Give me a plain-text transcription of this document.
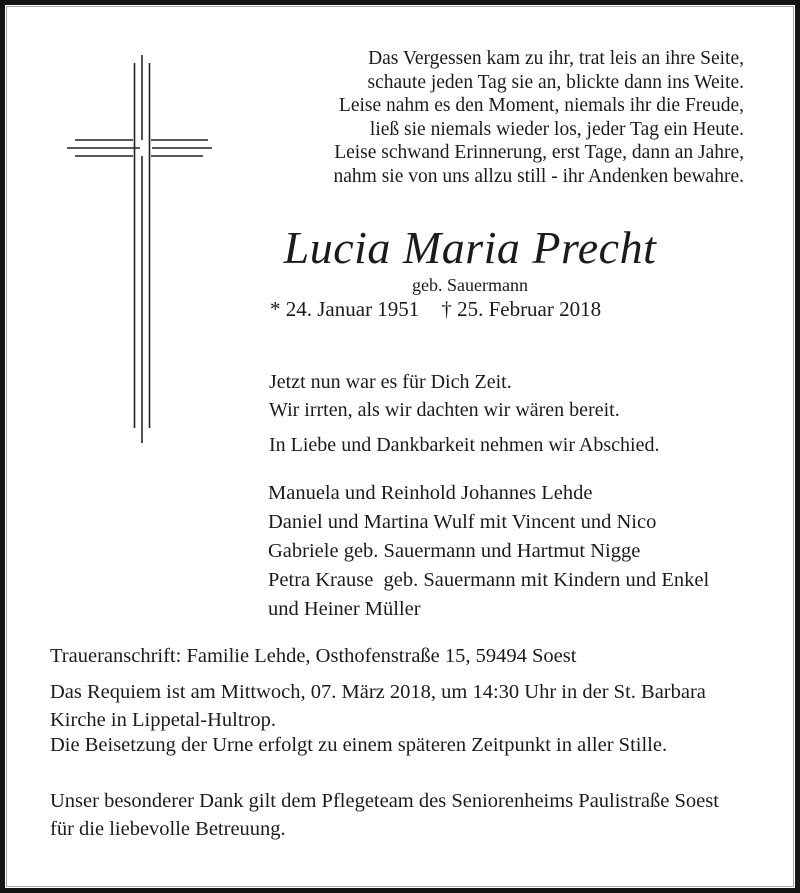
Das Vergessen kam zu ihr, trat leis an ihre Seite,
schaute jeden Tag sie an, blickte dann ins Weite.
Leise nahm es den Moment, niemals ihr die Freude,
ließ sie niemals wieder los, jeder Tag ein Heute.
Leise schwand Erinnerung, erst Tage, dann an Jahre,
nahm sie von uns allzu still - ihr Andenken bewahre.
Lucia Maria Precht
geb. Sauermann
* 24. Januar 1951 † 25. Februar 2018
Jetzt nun war es für Dich Zeit.
Wir irrten, als wir dachten wir wären bereit.
In Liebe und Dankbarkeit nehmen wir Abschied.
Manuela und Reinhold Johannes Lehde
Daniel und Martina Wulf mit Vincent und Nico
Gabriele geb. Sauermann und Hartmut Nigge
Petra Krause  geb. Sauermann mit Kindern und Enkel
und Heiner Müller
Traueranschrift: Familie Lehde, Osthofenstraße 15, 59494 Soest
Das Requiem ist am Mittwoch, 07. März 2018, um 14:30 Uhr in der St. Barbara
Kirche in Lippetal-Hultrop.
Die Beisetzung der Urne erfolgt zu einem späteren Zeitpunkt in aller Stille.
Unser besonderer Dank gilt dem Pflegeteam des Seniorenheims Paulistraße Soest
für die liebevolle Betreuung.
